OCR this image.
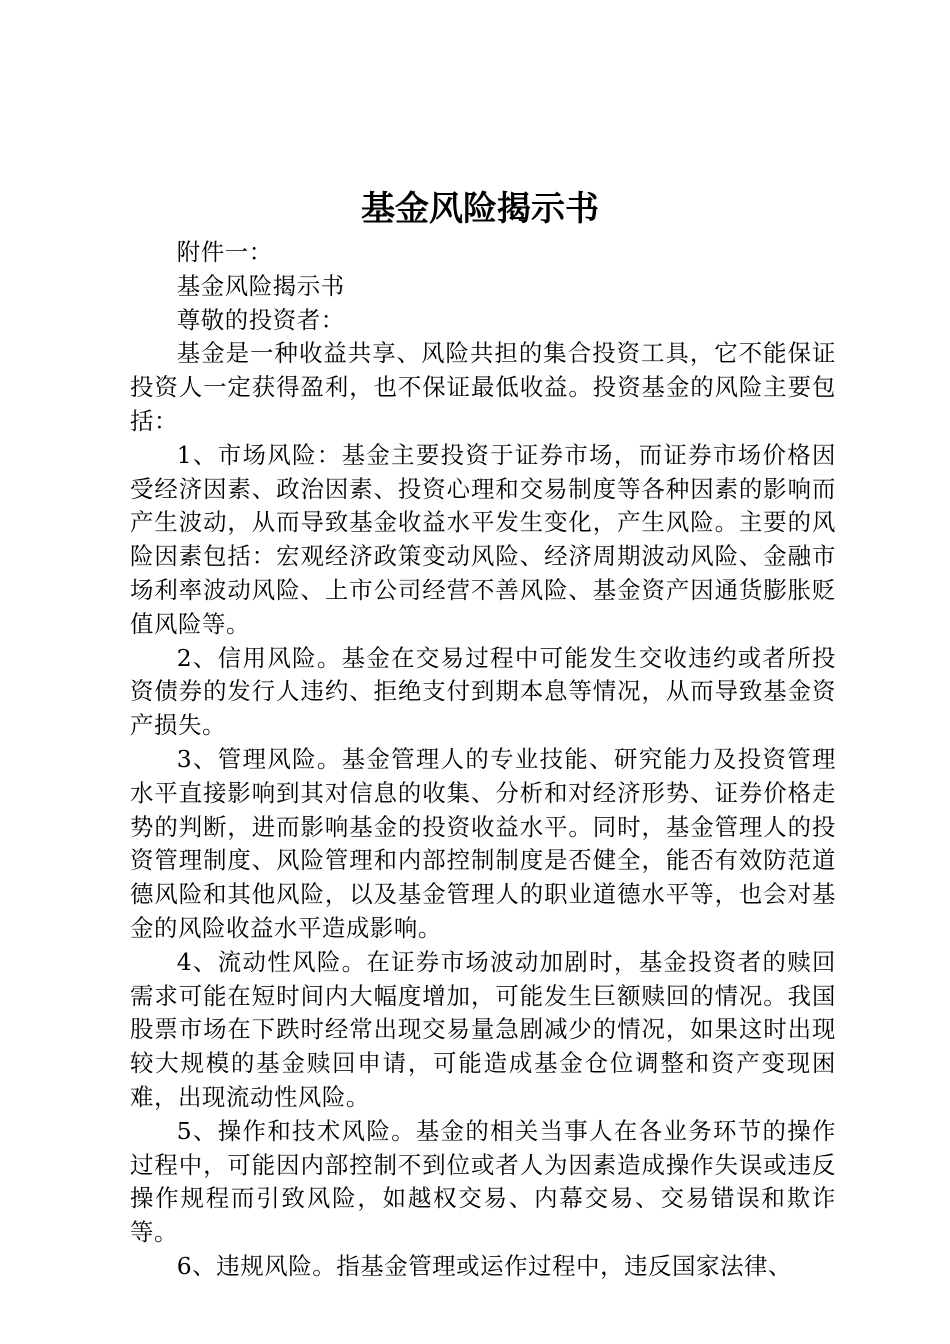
基金风险揭示书

附件一：

基金风险揭示书

尊敬的投资者：

基金是一种收益共享、风险共担的集合投资工具，它不能保证投资人一定获得盈利，也不保证最低收益。投资基金的风险主要包括：

1、市场风险：基金主要投资于证券市场，而证券市场价格因受经济因素、政治因素、投资心理和交易制度等各种因素的影响而产生波动，从而导致基金收益水平发生变化，产生风险。主要的风险因素包括：宏观经济政策变动风险、经济周期波动风险、金融市场利率波动风险、上市公司经营不善风险、基金资产因通货膨胀贬值风险等。

2、信用风险。基金在交易过程中可能发生交收违约或者所投资债券的发行人违约、拒绝支付到期本息等情况，从而导致基金资产损失。

3、管理风险。基金管理人的专业技能、研究能力及投资管理水平直接影响到其对信息的收集、分析和对经济形势、证券价格走势的判断，进而影响基金的投资收益水平。同时，基金管理人的投资管理制度、风险管理和内部控制制度是否健全，能否有效防范道德风险和其他风险，以及基金管理人的职业道德水平等，也会对基金的风险收益水平造成影响。

4、流动性风险。在证券市场波动加剧时，基金投资者的赎回需求可能在短时间内大幅度增加，可能发生巨额赎回的情况。我国股票市场在下跌时经常出现交易量急剧减少的情况，如果这时出现较大规模的基金赎回申请，可能造成基金仓位调整和资产变现困难，出现流动性风险。

5、操作和技术风险。基金的相关当事人在各业务环节的操作过程中，可能因内部控制不到位或者人为因素造成操作失误或违反操作规程而引致风险，如越权交易、内幕交易、交易错误和欺诈等。

6、违规风险。指基金管理或运作过程中，违反国家法律、
